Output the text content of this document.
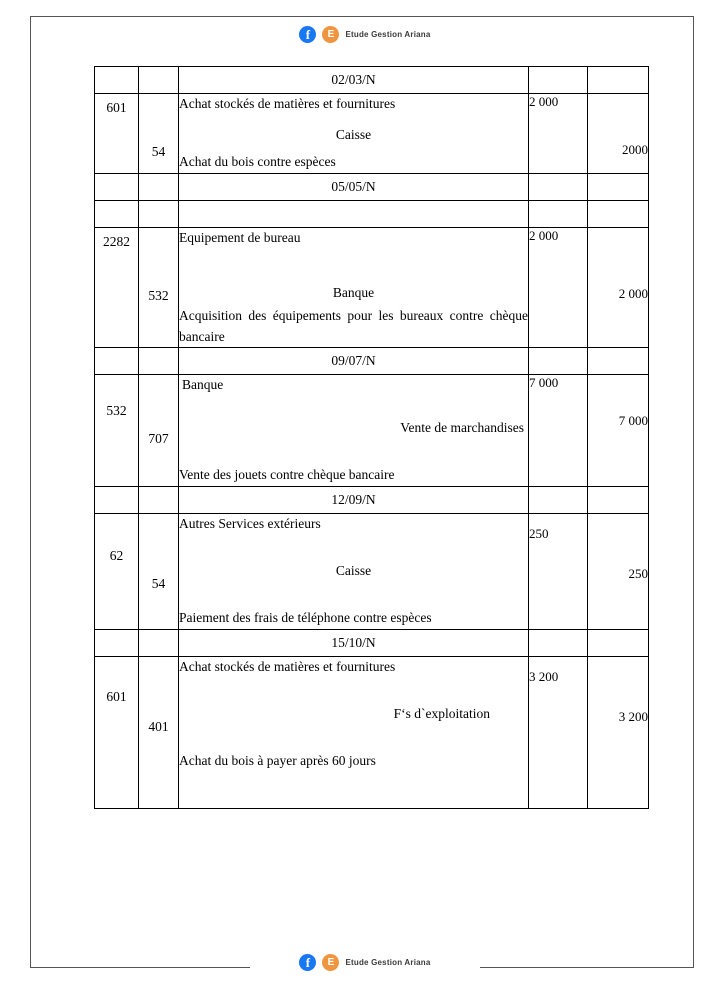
f	E	Etude Gestion Ariana
		02/03/N		
601	54	Achat stockés de matières et fournitures
Caisse
Achat du bois contre espèces	2 000	2000
		05/05/N		

2282	532	Equipement de bureau
Banque
Acquisition des équipements pour les bureaux contre chèque bancaire	2 000	2 000
		09/07/N		
532	707	Banque
Vente de marchandises
Vente des jouets contre chèque bancaire	7 000	7 000
		12/09/N		
62	54	Autres Services extérieurs
Caisse
Paiement des frais de téléphone contre espèces	250	250
		15/10/N		
601	401	Achat stockés de matières et fournitures
Fʻs d`exploitation
Achat du bois à payer après 60 jours	3 200	3 200
f	E	Etude Gestion Ariana
